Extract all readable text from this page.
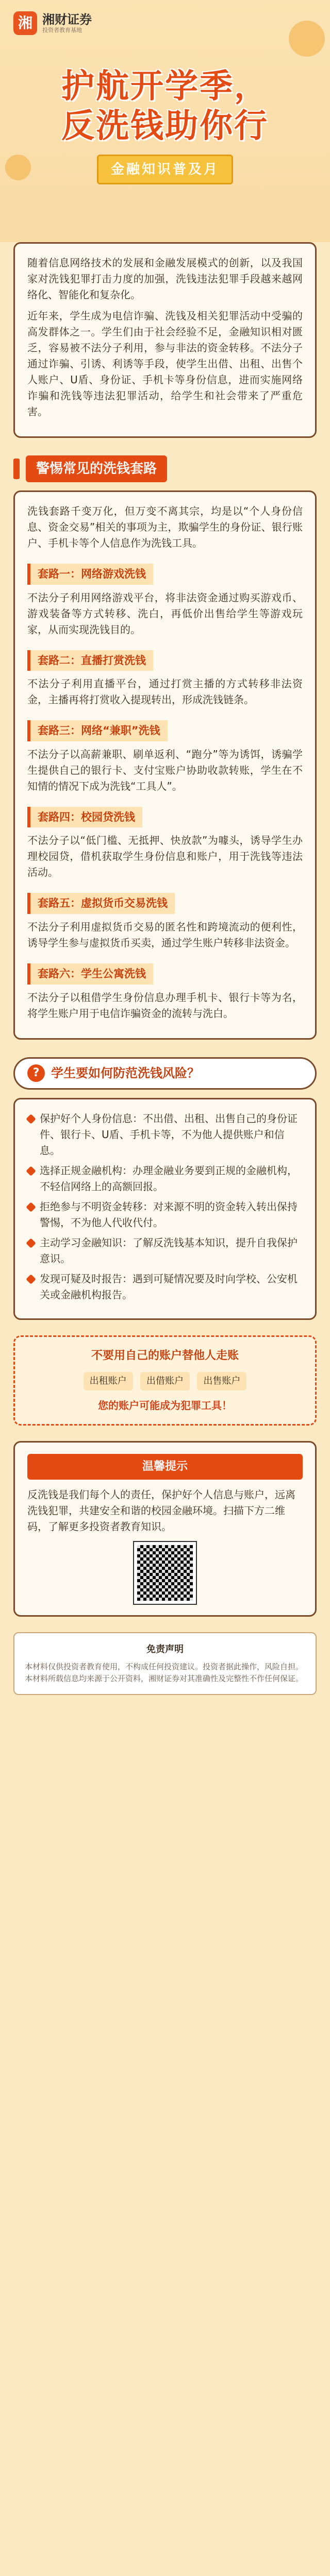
湘 湘财证券
投资者教育基地
护航开学季，
反洗钱助你行
金融知识普及月

随着信息网络技术的发展和金融发展模式的创新，以及我国家对洗钱犯罪打击力度的加强，洗钱违法犯罪手段越来越网络化、智能化和复杂化。

近年来，学生成为电信诈骗、洗钱及相关犯罪活动中受骗的高发群体之一。学生们由于社会经验不足，金融知识相对匮乏，容易被不法分子利用，参与非法的资金转移。不法分子通过诈骗、引诱、利诱等手段，使学生出借、出租、出售个人账户、U盾、身份证、手机卡等身份信息，进而实施网络诈骗和洗钱等违法犯罪活动，给学生和社会带来了严重危害。

警惕常见的洗钱套路

洗钱套路千变万化，但万变不离其宗，均是以“个人身份信息、资金交易”相关的事项为主，欺骗学生的身份证、银行账户、手机卡等个人信息作为洗钱工具。

套路一：网络游戏洗钱

不法分子利用网络游戏平台，将非法资金通过购买游戏币、游戏装备等方式转移、洗白，再低价出售给学生等游戏玩家，从而实现洗钱目的。

套路二：直播打赏洗钱

不法分子利用直播平台，通过打赏主播的方式转移非法资金，主播再将打赏收入提现转出，形成洗钱链条。

套路三：网络“兼职”洗钱

不法分子以高薪兼职、刷单返利、“跑分”等为诱饵，诱骗学生提供自己的银行卡、支付宝账户协助收款转账，学生在不知情的情况下成为洗钱“工具人”。

套路四：校园贷洗钱

不法分子以“低门槛、无抵押、快放款”为噱头，诱导学生办理校园贷，借机获取学生身份信息和账户，用于洗钱等违法活动。

套路五：虚拟货币交易洗钱

不法分子利用虚拟货币交易的匿名性和跨境流动的便利性，诱导学生参与虚拟货币买卖，通过学生账户转移非法资金。

套路六：学生公寓洗钱

不法分子以租借学生身份信息办理手机卡、银行卡等为名，将学生账户用于电信诈骗资金的流转与洗白。

? 学生要如何防范洗钱风险？
保护好个人身份信息：不出借、出租、出售自己的身份证件、银行卡、U盾、手机卡等，不为他人提供账户和信息。
选择正规金融机构：办理金融业务要到正规的金融机构，不轻信网络上的高额回报。
拒绝参与不明资金转移：对来源不明的资金转入转出保持警惕，不为他人代收代付。
主动学习金融知识：了解反洗钱基本知识，提升自我保护意识。
发现可疑及时报告：遇到可疑情况要及时向学校、公安机关或金融机构报告。
不要用自己的账户替他人走账
出租账户 出借账户 出售账户
您的账户可能成为犯罪工具！
温馨提示

反洗钱是我们每个人的责任，保护好个人信息与账户，远离洗钱犯罪，共建安全和谐的校园金融环境。扫描下方二维码，了解更多投资者教育知识。

免责声明

本材料仅供投资者教育使用，不构成任何投资建议。投资者据此操作，风险自担。本材料所载信息均来源于公开资料，湘财证券对其准确性及完整性不作任何保证。
